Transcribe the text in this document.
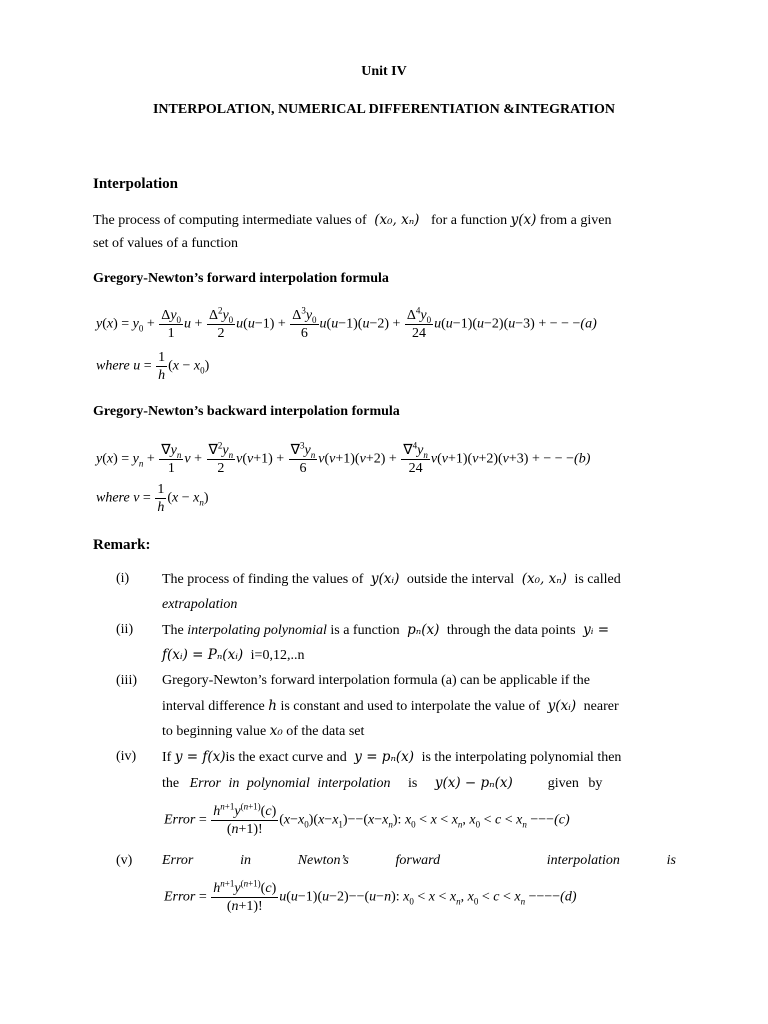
Unit IV
INTERPOLATION, NUMERICAL DIFFERENTIATION &INTEGRATION
Interpolation
The process of computing intermediate values of (x₀, xₙ) for a function y(x) from a given
set of values of a function
Gregory-Newton’s forward interpolation formula
$y(x) = y_0 + \frac{\Delta y_0}{1}$ $u + \frac{\Delta^2y_0}{2} u(u-1) + \frac{\Delta^3y_0}{6} u(u-1)(u-2) + \frac{\Delta^4y_0}{24} u(u-1)(u-2)(u-3)$ + − − −(a)
where $u = \frac{1}{h} (x - x_0)$
Gregory-Newton’s backward interpolation formula
$y(x) = y_n + \frac{\nabla y_n}{1}$ $v + \frac{\nabla^2y_n}{2} v(v+1) + \frac{\nabla^3y_n}{6} v(v+1)(v+2) + \frac{\nabla^4y_n}{24} v(v+1)(v+2)(v+3)$ + − − −(b)
where $v = \frac{1}{h} (x - x_n)$
Remark:
(i) The process of finding the values of y(xᵢ) outside the interval (x₀, xₙ) is called
extrapolation
(ii) The interpolating polynomial is a function pₙ(x) through the data points yᵢ =
f(xᵢ) = Pₙ(xᵢ) i=0,12,..n
(iii) Gregory-Newton’s forward interpolation formula (a) can be applicable if the
interval difference h is constant and used to interpolate the value of y(xᵢ) nearer
to beginning value x₀ of the data set
(iv) If y = f(x)is the exact curve and y = pₙ(x) is the interpolating polynomial then
the Error in polynomial interpolation is y(x) − pₙ(x)	given by
Error = $\frac{h^{n+1}y^{(n+1)}(c)}{(n+1)!} (x-x_0)(x-x_1)--(x-x_n)$: $x_0 < x < x_n$, $x_0 < c < x_n ---(c)$
(v) Error	in	Newton’s	forward	interpolation	is
Error = $\frac{h^{n+1}y^{(n+1)}(c)}{(n+1)!} u(u-1)(u-2)--(u-n)$: $x_0 < x < x_n$, $x_0 < c < x_n ----(d)$
